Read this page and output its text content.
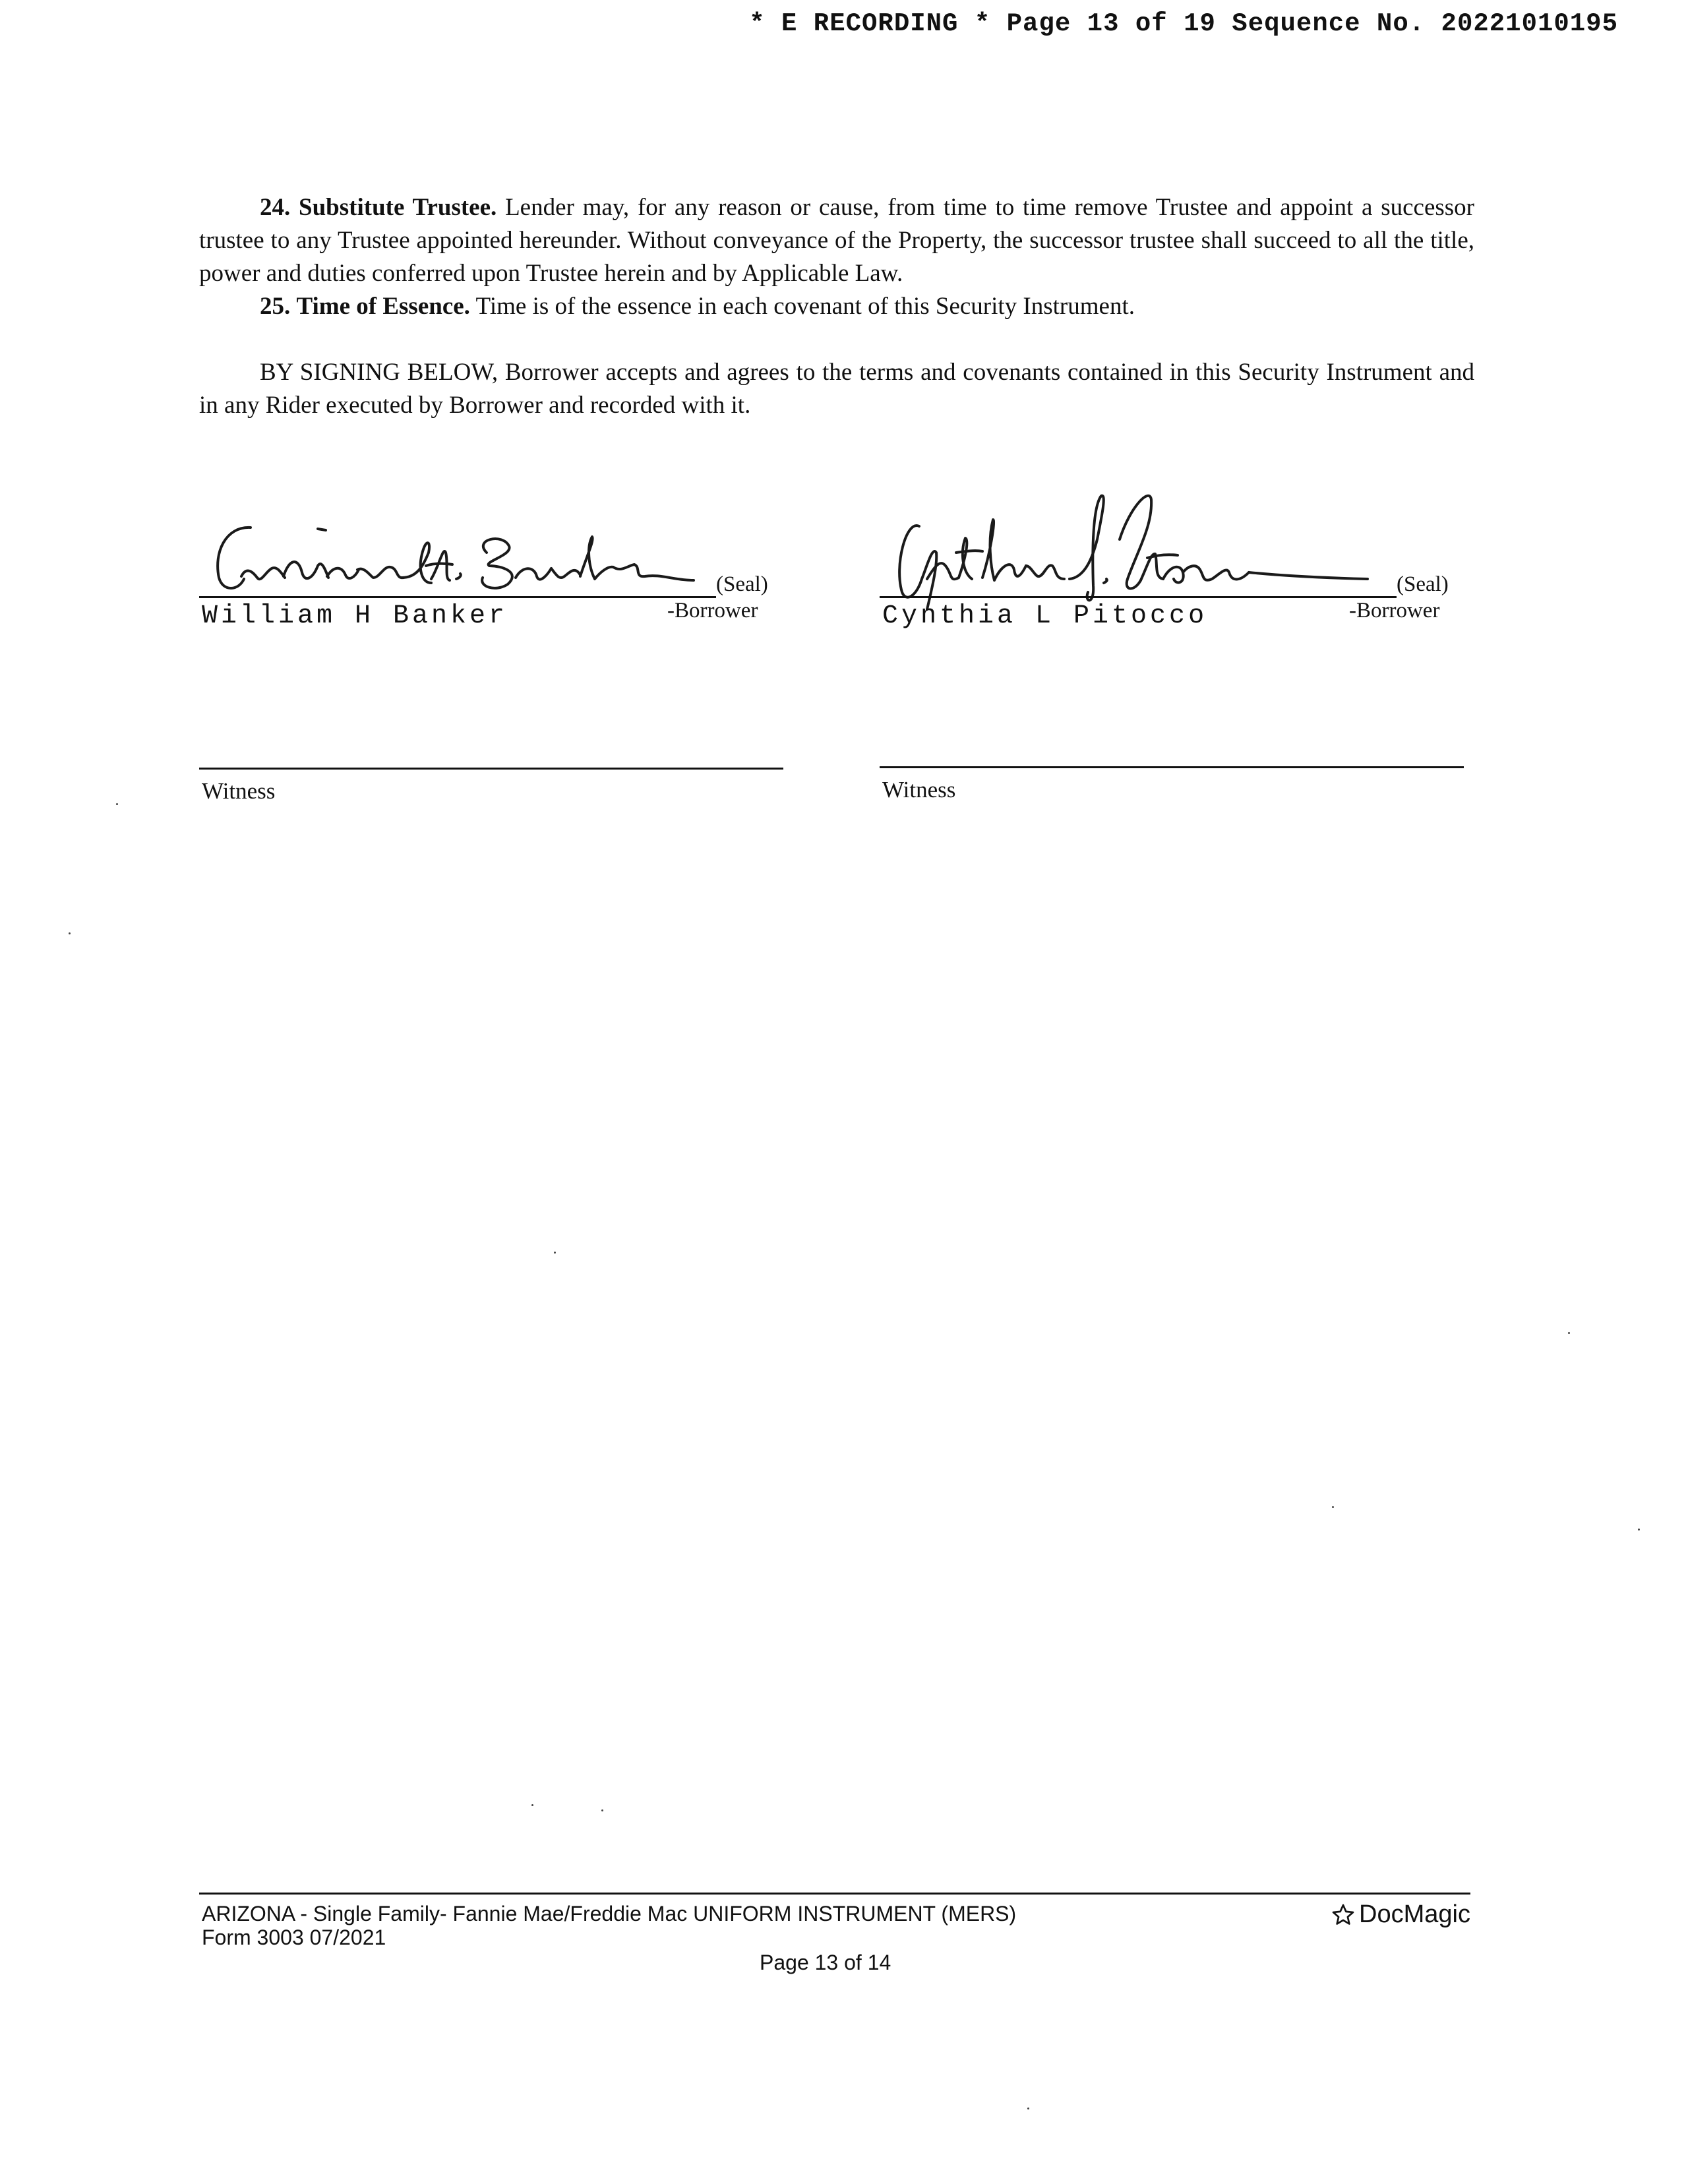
* E RECORDING * Page 13 of 19 Sequence No. 20221010195

24. Substitute Trustee. Lender may, for any reason or cause, from time to time remove Trustee and appoint a successor trustee to any Trustee appointed hereunder. Without conveyance of the Property, the successor trustee shall succeed to all the title, power and duties conferred upon Trustee herein and by Applicable Law.

25. Time of Essence. Time is of the essence in each covenant of this Security Instrument.

BY SIGNING BELOW, Borrower accepts and agrees to the terms and covenants contained in this Security Instrument and in any Rider executed by Borrower and recorded with it.

(Seal)
William H Banker	-Borrower
(Seal)
Cynthia L Pitocco	-Borrower
Witness	Witness
ARIZONA - Single Family- Fannie Mae/Freddie Mac UNIFORM INSTRUMENT (MERS)
Form 3003 07/2021
DocMagic
Page 13 of 14
